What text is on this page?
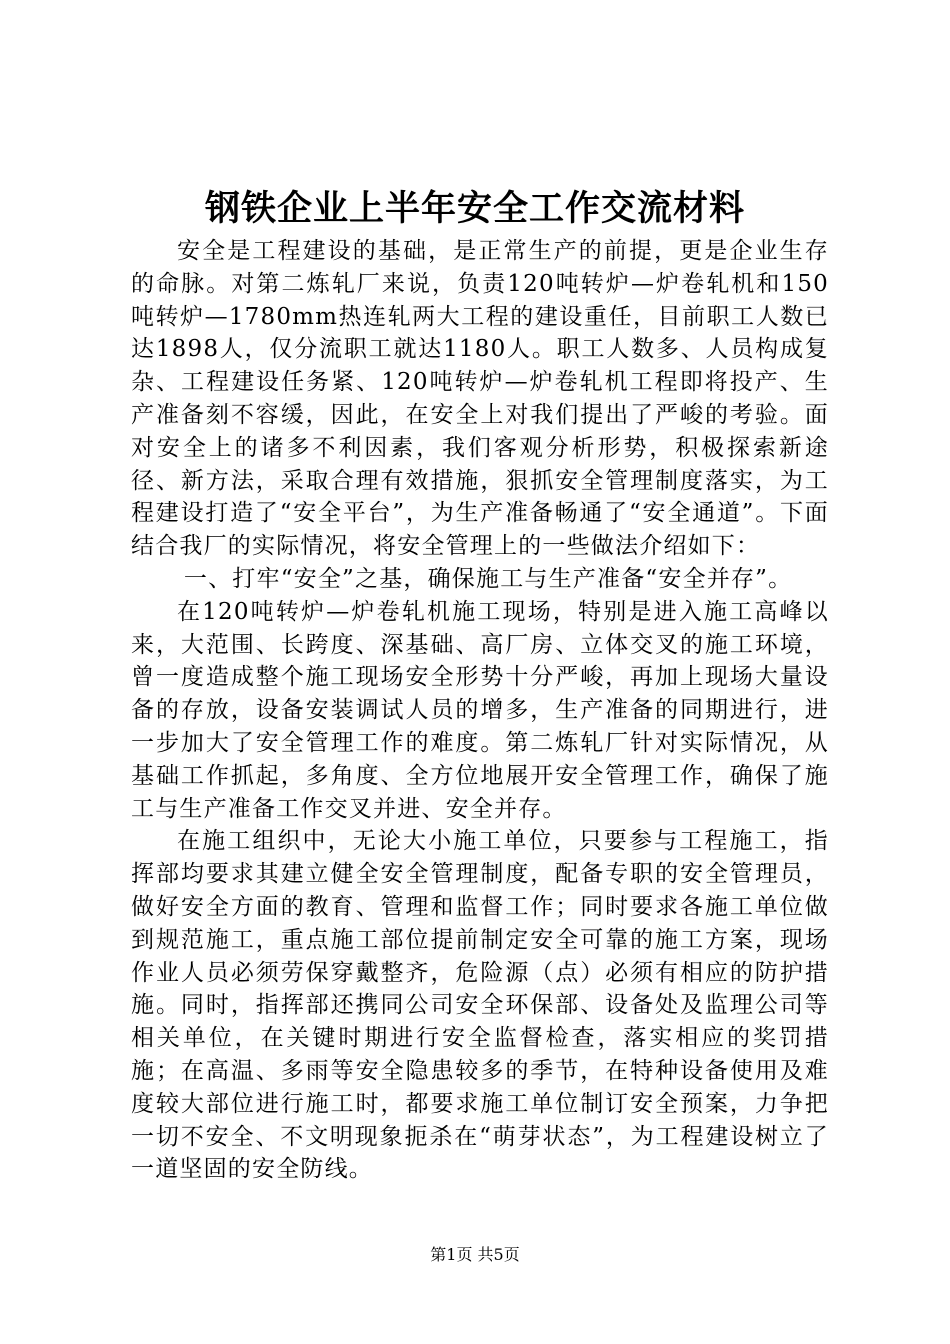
钢铁企业上半年安全工作交流材料

安全是工程建设的基础，是正常生产的前提，更是企业生存的命脉。对第二炼轧厂来说，负责120吨转炉—炉卷轧机和150吨转炉—1780mm热连轧两大工程的建设重任，目前职工人数已达1898人，仅分流职工就达1180人。职工人数多、人员构成复杂、工程建设任务紧、120吨转炉—炉卷轧机工程即将投产、生产准备刻不容缓，因此，在安全上对我们提出了严峻的考验。面对安全上的诸多不利因素，我们客观分析形势，积极探索新途径、新方法，采取合理有效措施，狠抓安全管理制度落实，为工程建设打造了“安全平台”，为生产准备畅通了“安全通道”。下面结合我厂的实际情况，将安全管理上的一些做法介绍如下：

一、打牢“安全”之基，确保施工与生产准备“安全并存”。

在120吨转炉—炉卷轧机施工现场，特别是进入施工高峰以来，大范围、长跨度、深基础、高厂房、立体交叉的施工环境，曾一度造成整个施工现场安全形势十分严峻，再加上现场大量设备的存放，设备安装调试人员的增多，生产准备的同期进行，进一步加大了安全管理工作的难度。第二炼轧厂针对实际情况，从基础工作抓起，多角度、全方位地展开安全管理工作，确保了施工与生产准备工作交叉并进、安全并存。

在施工组织中，无论大小施工单位，只要参与工程施工，指挥部均要求其建立健全安全管理制度，配备专职的安全管理员，做好安全方面的教育、管理和监督工作；同时要求各施工单位做到规范施工，重点施工部位提前制定安全可靠的施工方案，现场作业人员必须劳保穿戴整齐，危险源（点）必须有相应的防护措施。同时，指挥部还携同公司安全环保部、设备处及监理公司等相关单位，在关键时期进行安全监督检查，落实相应的奖罚措施；在高温、多雨等安全隐患较多的季节，在特种设备使用及难度较大部位进行施工时，都要求施工单位制订安全预案，力争把一切不安全、不文明现象扼杀在“萌芽状态”，为工程建设树立了一道坚固的安全防线。

第1页 共5页
